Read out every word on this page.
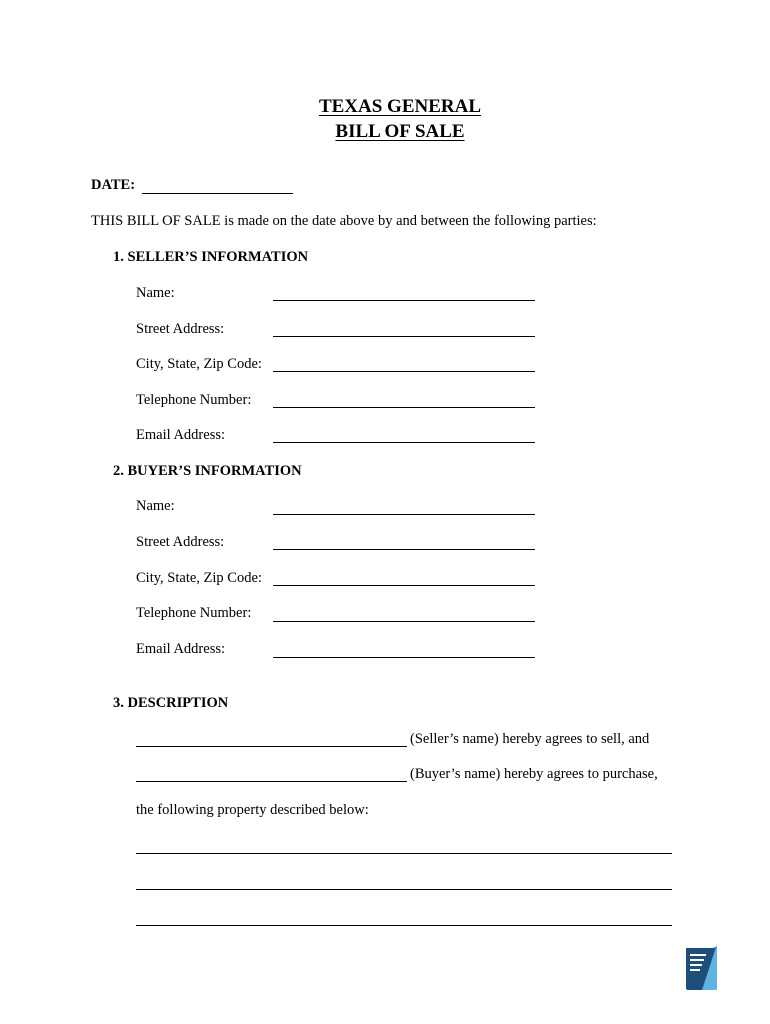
TEXAS GENERAL
BILL OF SALE
DATE:
THIS BILL OF SALE is made on the date above by and between the following parties:
1. SELLER’S INFORMATION
Name:
Street Address:
City, State, Zip Code:
Telephone Number:
Email Address:
2. BUYER’S INFORMATION
Name:
Street Address:
City, State, Zip Code:
Telephone Number:
Email Address:
3. DESCRIPTION
(Seller’s name) hereby agrees to sell, and
(Buyer’s name) hereby agrees to purchase,
the following property described below:
